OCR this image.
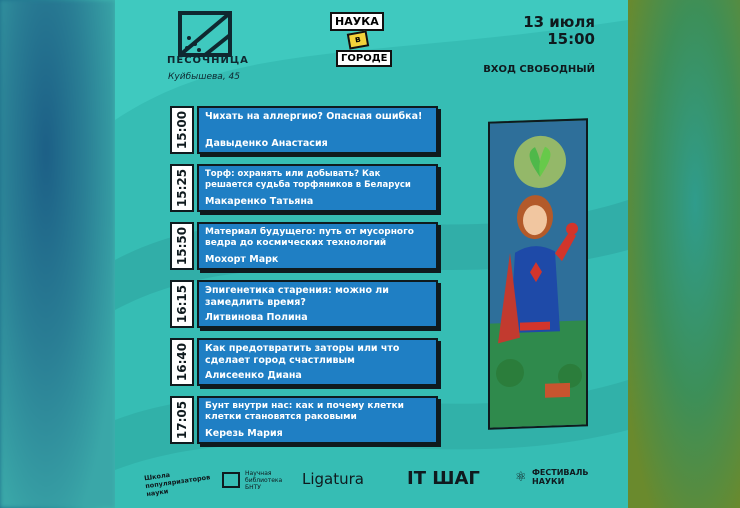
ПЕСОЧНИЦА
Куйбышева, 45
НАУКА
в
ГОРОДЕ
13 июля
15:00
ВХОД СВОБОДНЫЙ
15:00 Чихать на аллергию? Опасная ошибка!
Давыденко Анастасия
15:25 Торф: охранять или добывать? Как решается судьба торфяников в Беларуси
Макаренко Татьяна
15:50 Материал будущего: путь от мусорного ведра до космических технологий
Мохорт Марк
16:15 Эпигенетика старения: можно ли замедлить время?
Литвинова Полина
16:40 Как предотвратить заторы или что сделает город счастливым
Алисеенко Диана
17:05 Бунт внутри нас: как и почему клетки клетки становятся раковыми
Керезь Мария
Школа популяризаторов науки
Научная библиотека БНТУ	Ligatura IT ШАГ	⚛ ФЕСТИВАЛЬ НАУКИ
